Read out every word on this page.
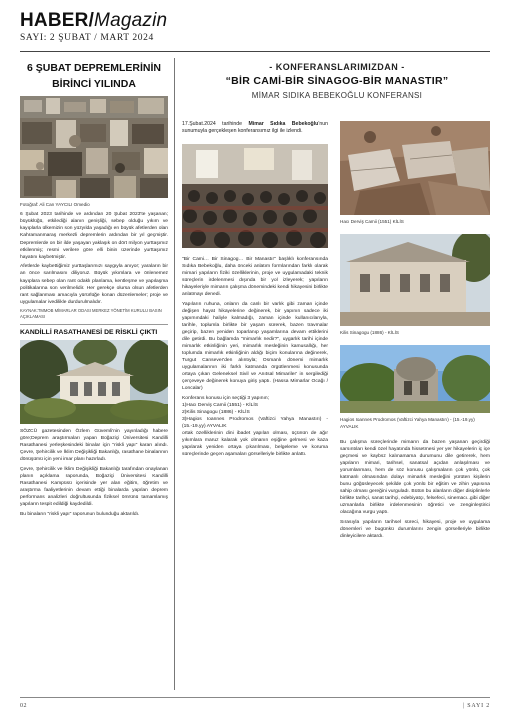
HABER/Magazin
SAYI: 2 ŞUBAT / MART 2024
6 ŞUBAT DEPREMLERİNİN
BİRİNCİ YILINDA
Fotoğraf: Ali Can YAYCILI Omedio

6 Şubat 2023 tarihinde ve ardından 20 Şubat 2023'te yaşanan; büyüklüğü, etkilediği alanın genişliği, sebep olduğu yıkım ve kayıplarla ülkemizin son yüzyılda yaşadığı en büyük afetlerden olan Kahramanmaraş merkezli depremlerin ardından bir yıl geçmiştir. Depremlerde on bir ilde yaşayan yaklaşık on dört milyon yurttaşımız etkilenmiş; resmi verilere göre elli binin üzerinde yurttaşımız hayatını kaybetmiştir.

Afetlerde kaybettiğimiz yurttaşlarımızı saygıyla anıyor; yaraların bir an önce sarılmasını diliyoruz. Büyük yıkımlara ve önlenemez kayıplara sebep olan rant odaklı planlama, kentleşme ve yapılaşma politikalarına son verilmelidir. Her gerekçe olursa olsun afetlerden rant sağlanması amacıyla yürürlüğe konan düzenlemeler; proje ve uygulamalar ivedilikle durdurulmalıdır.

KAYNAK:TMMOB MİMARLAR ODASI MERKEZ YÖNETİM KURULU BASIN AÇIKLAMASI
KANDİLLİ RASATHANESİ DE RİSKLİ ÇIKTI

SÖZCÜ gazetesinden Özlem Güvemli'nin yayınladığı habere göre;Deprem araştırmaları yapan Boğaziçi Üniversitesi Kandilli Rasathanesi yerleşkesindeki binalar için "riskli yapı" kararı alındı. Çevre, Şehircilik ve İklim Değişikliği Bakanlığı, rasathane binalarının dönüşümü için yeni imar planı hazırladı.

Çevre, Şehircilik ve İklim Değişikliği Bakanlığı tarafından onaylanan planın açıklama raporunda, Boğaziçi Üniversitesi Kandilli Rasathanesi Kampüsü içerisinde yer alan eğitim, öğretim ve araştırma faaliyetlerinin devam ettiği binalarda yapılan deprem performans analizleri doğrultusunda fiziksel ömrünü tamamlamış yapıların tespit edildiği kaydedildi.

Bu binaların "riskli yapı" raporunun bulunduğu aktarıldı.

- KONFERANSLARIMIZDAN -
“BİR CAMİ-BİR SİNAGOG-BİR MANASTIR”
MİMAR SIDIKA BEBEKOĞLU KONFERANSI
17.Şubat.2024 tarihinde Mimar Sıdıka Bebekoğlu'nun sunumuyla gerçekleşen konferansımız ilgi ile izlendi.

"Bir Cami… Bir Sinagog… Bir Manastır" başlıklı konferansında Sıdıka Bebekoğlu, daha önceki anlatım formlarından farklı olarak mimari yapıların fiziki özelliklerinin, proje ve uygulamadaki teknik süreçlerin irdelenmesi dışında bir yol izleyerek; yapıların hikayeleriyle mimarın çalışma dönemindeki kendi hikayesini birlikte anlatmayı denedi.

Yapıların ruhuna, onların da canlı bir varlık gibi zaman içinde değişen hayat hikayelerine değinerek, bir yapının sadece iki yapımındaki haliyle kalmadığı, zaman içinde kullanıcılarıyla, tarihle, toplumla birlikte bir yaşam sürerek, bazen travmalar geçirip, bazen yeniden toparlanıp yaşamlarına devam ettiklerini dile getirdi. Bu bağlamda "mimarlık nedir?", uygarlık tarihi içinde mimarlık etkinliğinin yeri, mimarlık mesleğinin kamusallığı, her toplumda mimarlık etkinliğinin aldığı biçim konularına değinerek, Turgut Cansever'den alıntıyla; Osmanlı dönemi mimarlık uygulamalarının iki farklı katmanda örgütlenmesi konusunda ortaya çıkan Geleneksel Sivil ve Anıtsal Mimariler' in sergilediği çerçeveye değinerek konuya giriş yaptı. (Hassa Mimarlar Ocağı / Loncalar)

Konferans konusu için seçtiği 3 yapının;

1)Hacı Derviş Camii (1551) - KİLİS

2)Kilis Sinagogu (1886) - KİLİS

3)Hagios Ioannes Prodromos (Vaftizci Yahya Manastırı) - (15.-19.yy) AYVALIK

ortak özelliklerinin dini ibadet yapıları olması, üçünün de ağır yıkımlara maruz kalarak yok olmanın eşiğine gelmesi ve kaza yapılarak yeniden ortaya çıkarılması, belgeleme ve koruma süreçlerinde geçen aşamaları görselleriyle birlikte anlattı.

Hacı Derviş Camii (1551) KİLİS
Kilis Sinagogu (1886) - KİLİS
Hagios Ioannes Prodromos (Vaftizci Yahya Manastırı) - (15.-19.yy) AYVALIK

Bu çalışma süreçlerinde mimarın da bazen yaşanan geçirdiği sarsıntıları kendi özel hayatında hissetmesi yer yer hikayelerin iç içe geçmesi ve kaybsz kalınamama durumunu dile getirerek, hem yapıların mimari, tarihsel, sanatsal açıdan anlaşılması ve yorumlanması, hem de söz konusu çalışmaların çok yönlü, çok katmanlı olmasından dolayı mimarlık mesleğini yürüten kişilerin bunu göğüsleyecek şekilde çok yönlü bir eğitim ve zihin yapısına sahip olması gereğini vurguladı. Bütün bu alanların diğer disiplinlerle birlikte tarihçi, sanat tarihçi, edebiyatçı, felsefeci, sinemacı..gibi diğer uzmanlarla birlikte irdelenmesinin öğretici ve zenginleştirici olacağına vurgu yaptı.

Sırasıyla yapıların tarihsel süreci, hikayesi, proje ve uygulama dönemleri ve bugünkü durumlarını zengin görselleriyle birlikte dinleyicilere aktardı.

02	| SAYI 2
